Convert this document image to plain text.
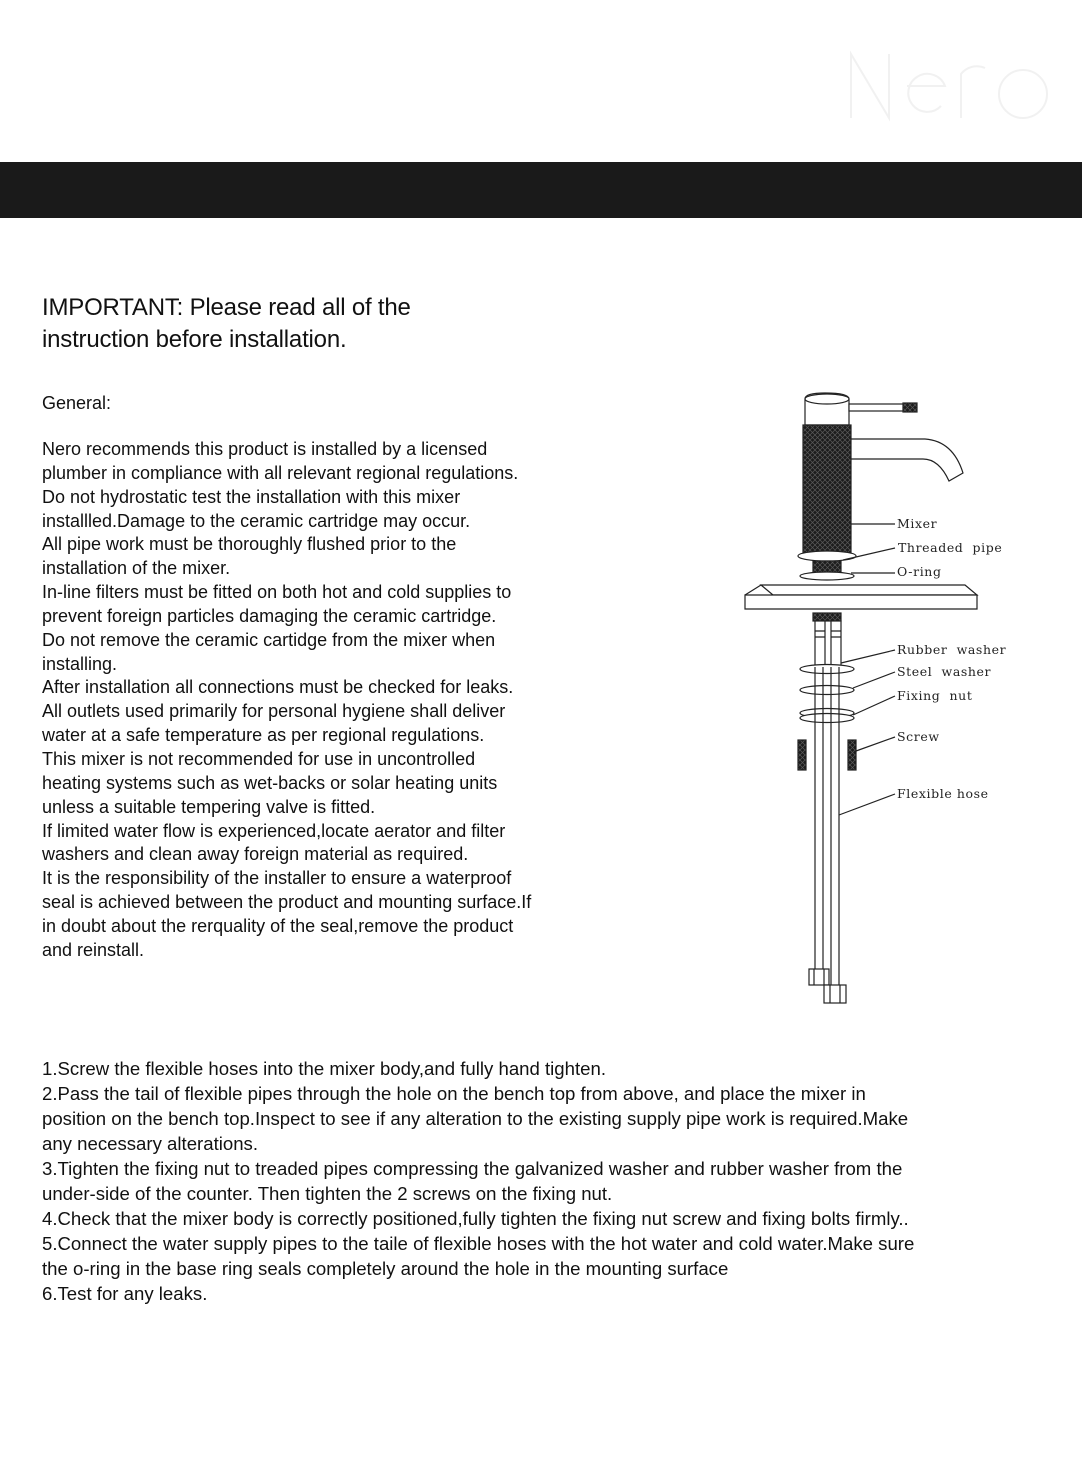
IMPORTANT: Please read all of the
instruction before installation.

General:

Nero recommends this product is installed by a licensed
plumber in compliance with all relevant regional regulations.
Do not hydrostatic test the installation with this mixer
installled.Damage to the ceramic cartridge may occur.
All pipe work must be thoroughly flushed prior to the
installation of the mixer.
In-line filters must be fitted on both hot and cold supplies to
prevent foreign particles damaging the ceramic cartridge.
Do not remove the ceramic cartidge from the mixer when
installing.
After installation all connections must be checked for leaks.
All outlets used primarily for personal hygiene shall deliver
water at a safe temperature as per regional regulations.
This mixer is not recommended for use in uncontrolled
heating systems such as wet-backs or solar heating units
unless a suitable tempering valve is fitted.
If limited water flow is experienced,locate aerator and filter
washers and clean away foreign material as required.
It is the responsibility of the installer to ensure a waterproof
seal is achieved between the product and mounting surface.If
in doubt about the rerquality of the seal,remove the product
and reinstall.
Mixer
Threaded  pipe
O-ring
Rubber  washer
Steel  washer
Fixing  nut
Screw
Flexible hose
1.Screw the flexible hoses into the mixer body,and fully hand tighten.
2.Pass the tail of flexible pipes through the hole on the bench top from above, and place the mixer in
position on the bench top.Inspect to see if any alteration to the existing supply pipe work is required.Make
any necessary alterations.
3.Tighten the fixing nut to treaded pipes compressing the galvanized washer and rubber washer from the
under-side of the counter. Then tighten the 2 screws on the fixing nut.
4.Check that the mixer body is correctly positioned,fully tighten the fixing nut screw and fixing bolts firmly..
5.Connect the water supply pipes to the taile of flexible hoses with the hot water and cold water.Make sure
the o-ring in the base ring seals completely around the hole in the mounting surface
6.Test for any leaks.
